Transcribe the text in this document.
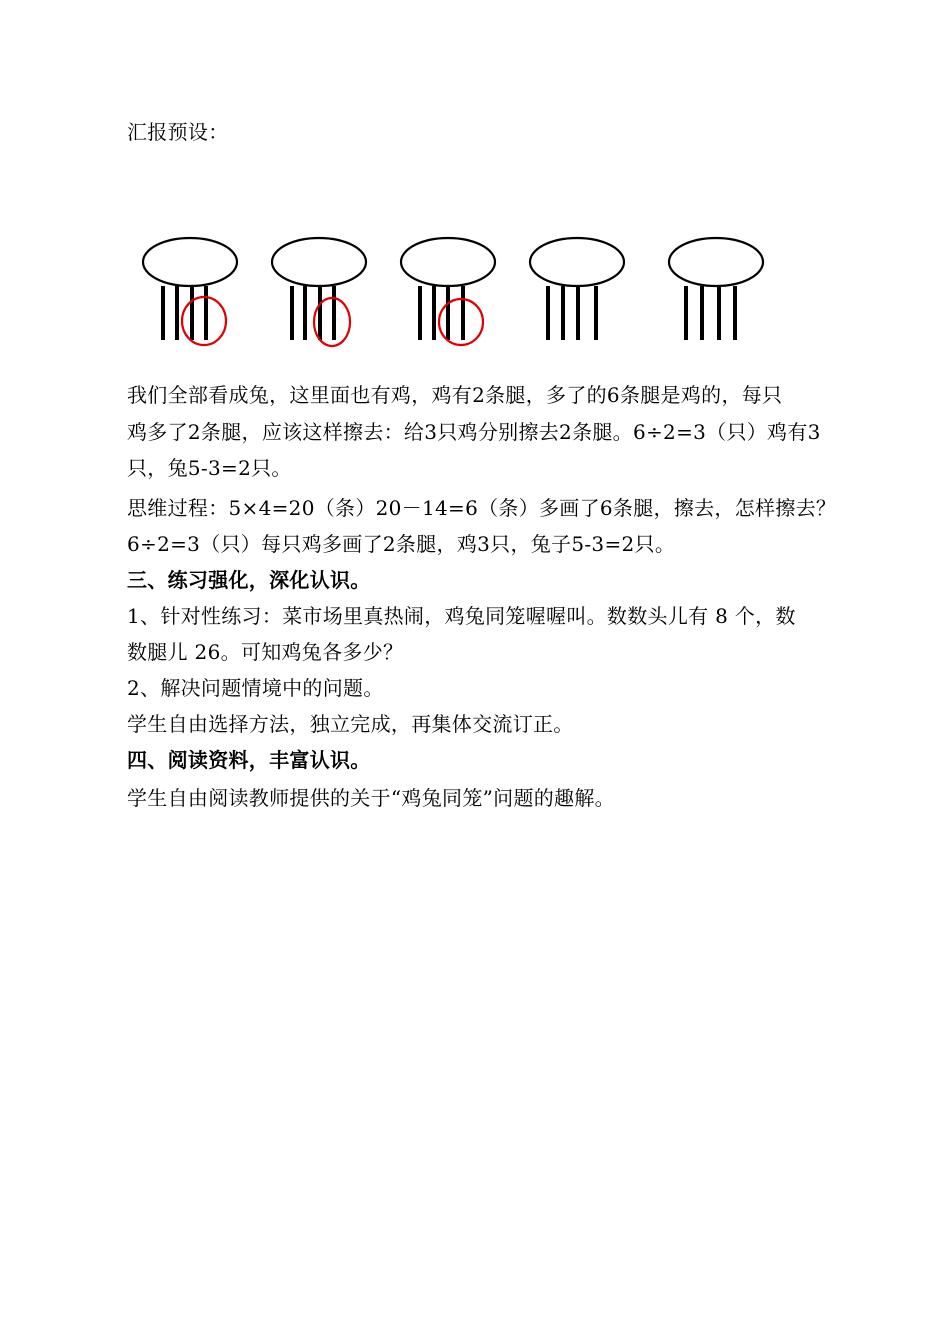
汇报预设：
我们全部看成兔，这里面也有鸡，鸡有2条腿，多了的6条腿是鸡的，每只
鸡多了2条腿，应该这样擦去：给3只鸡分别擦去2条腿。6÷2=3（只）鸡有3
只，兔5-3=2只。
思维过程：5×4=20（条）20－14=6（条）多画了6条腿，擦去，怎样擦去？
6÷2=3（只）每只鸡多画了2条腿，鸡3只，兔子5-3=2只。
三、练习强化，深化认识。
1、针对性练习：菜市场里真热闹，鸡兔同笼喔喔叫。数数头儿有 8 个，数
数腿儿 26。可知鸡兔各多少？
2、解决问题情境中的问题。
学生自由选择方法，独立完成，再集体交流订正。
四、阅读资料，丰富认识。
学生自由阅读教师提供的关于“鸡兔同笼”问题的趣解。
